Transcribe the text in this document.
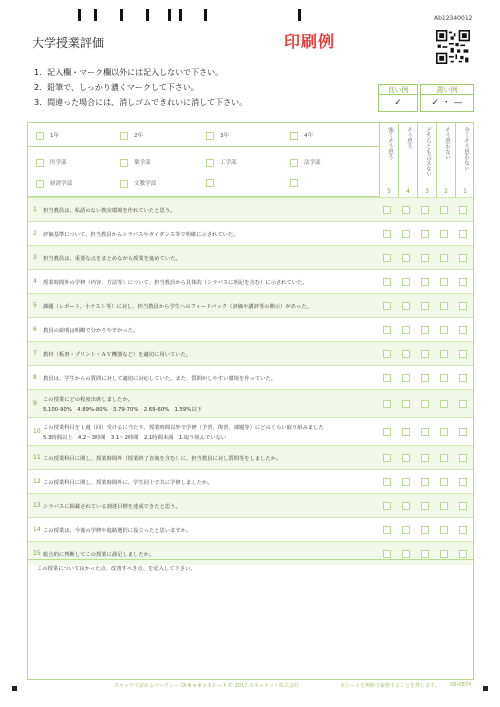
Ab12340012
大学授業評価	印刷例
1．記入欄・マーク欄以外には記入しないで下さい。
2．鉛筆で、しっかり濃くマークして下さい。
3．間違った場合には、消しゴムできれいに消して下さい。
良い例
✓
悪い例
✓ ・ —
1年	2年	3年	4年
医学部	薬学部	工学部	法学部
経済学部	文教学部
強くそう思う
5
そう思う
4
どちらとも言えない
3
そう思わない
2
全くそう思わない
1
1 担当教員は、私語のない教室環境を作れていたと思う。
2 評価基準について、担当教員からシラバスやガイダンス等で明確に示されていた。
3 担当教員は、重要な点をまとめながら授業を進めていた。
4 授業時間外の学修（内容、方法等）について、担当教員から具体的（シラバスに明記を含む）に示されていた。
5 課題（レポート、小テスト等）に対し、担当教員から学生へのフィードバック（評価や講評等の開示）があった。
6 教員の説明は明瞭で分かりやすかった。
7 教材（板書・プリント・ＡＶ機器など）を適切に用いていた。
8 教員は、学生からの質問に対して適切に対応していた。また、質問がしやすい環境を作っていた。
9 この授業にどの程度出席しましたか。
5.100-90%　4.89%-80%　3.79-70%　2.69-60%　1.59%以下
10 この授業科目を１週（回）受けるに当たり、授業時間以外で学修（予習、復習、課題等）にどのくらい取り組みました
5.3時間以上　4.2〜3時間　3.1〜2時間　2.1時間未満　1.取り組んでいない
11 この授業科目に関し、授業時間外（授業終了直後を含む）に、担当教員に対し質問等をしましたか。
12 この授業科目に関し、授業時間外に、学生同士で共に学修しましたか。
13 シラバスに掲載されている到達目標を達成できたと思う。
14 この授業は、今後の学修や進路選択に役立ったと思いますか。
15 総合的に判断してこの授業に満足しましたか。
この授業について良かった点、改善すべき点、を記入して下さい。
スキャナで読めるマークシート
スキャネットシート © 2017 スキャネット株式会社	本シートを無断で複製することを禁じます。 SB-0874
